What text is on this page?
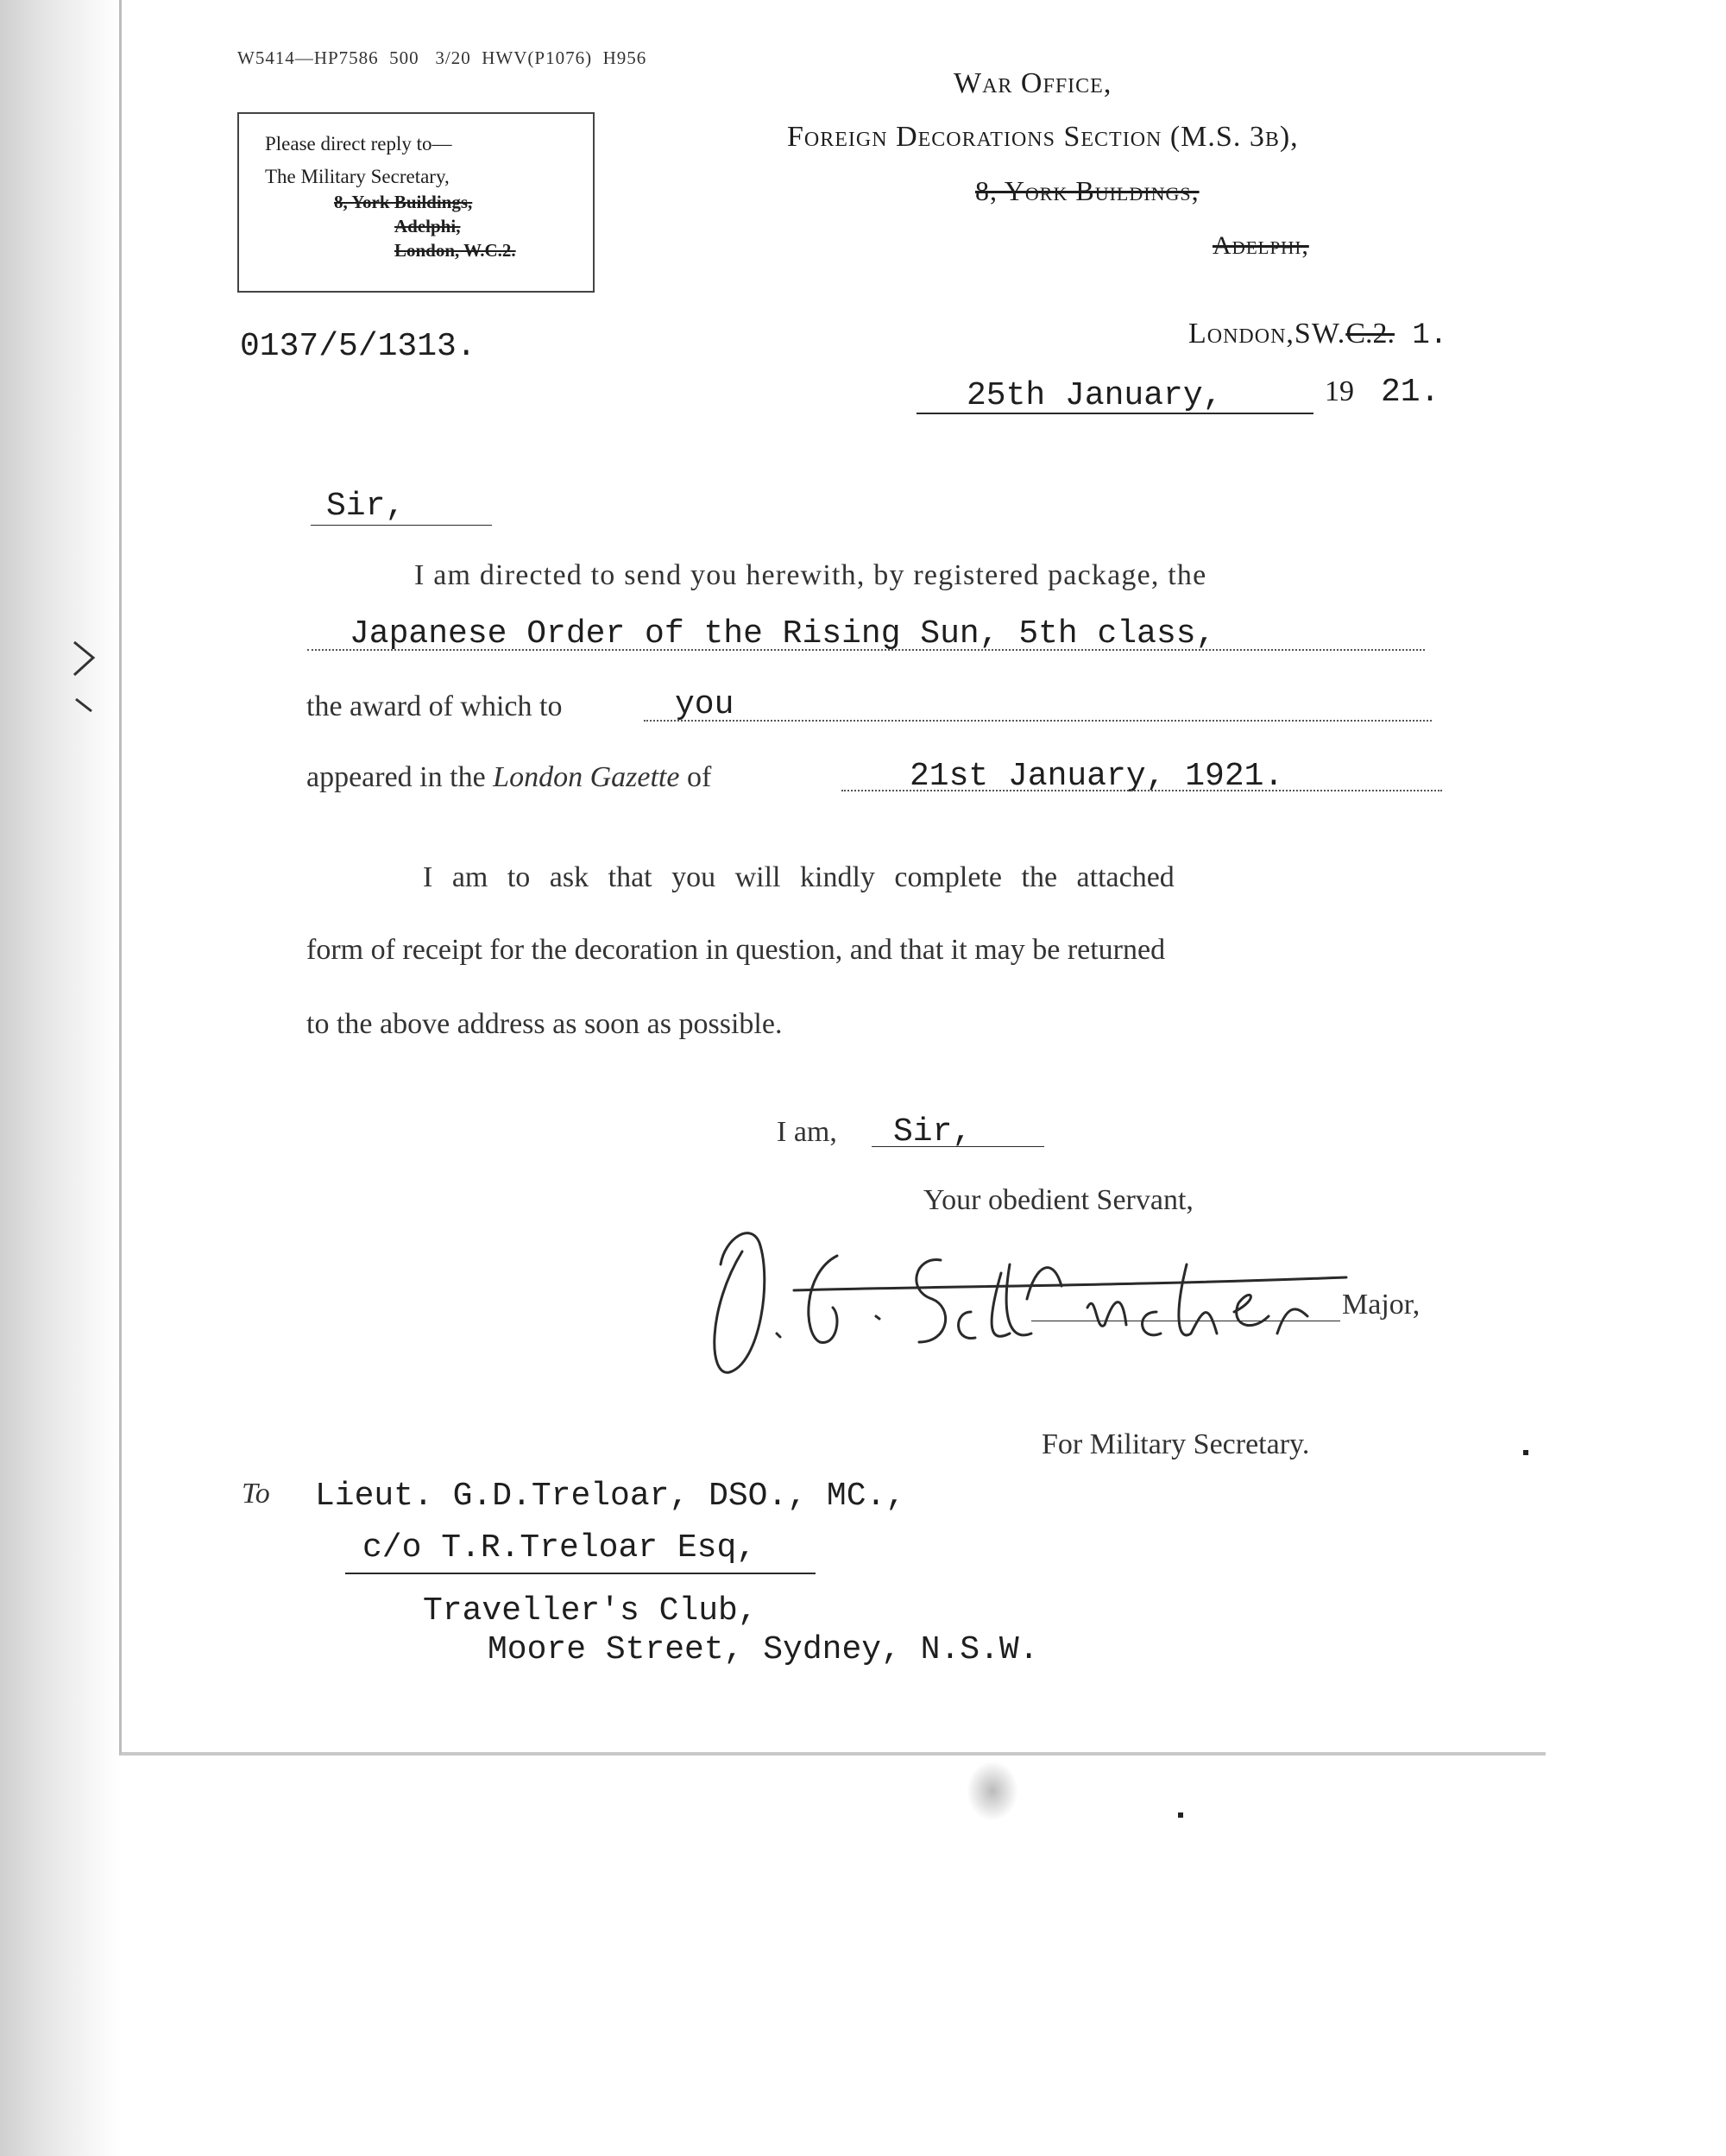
W5414—HP7586  500   3/20  HWV(P1076)  H956
Please direct reply to—
The Military Secretary,
8, York Buildings,
Adelphi,
London, W.C.2.
War Office,
Foreign Decorations Section (M.S. 3b),
8, York Buildings,
Adelphi,

London,SW.C.2. 1.

0137/5/1313.
25th January,	19 21.
Sir,
I am directed to send you herewith, by registered package, the
Japanese Order of the Rising Sun, 5th class,
the award of which to	you
appeared in the London Gazette of	21st January, 1921.
I am to ask that you will kindly complete the attached
form of receipt for the decoration in question, and that it may be returned
to the above address as soon as possible.
I am, Sir,
Your obedient Servant,
Major,
For Military Secretary.
To Lieut. G.D.Treloar, DSO., MC.,
c/o T.R.Treloar Esq,
Traveller's Club,
Moore Street, Sydney, N.S.W.
